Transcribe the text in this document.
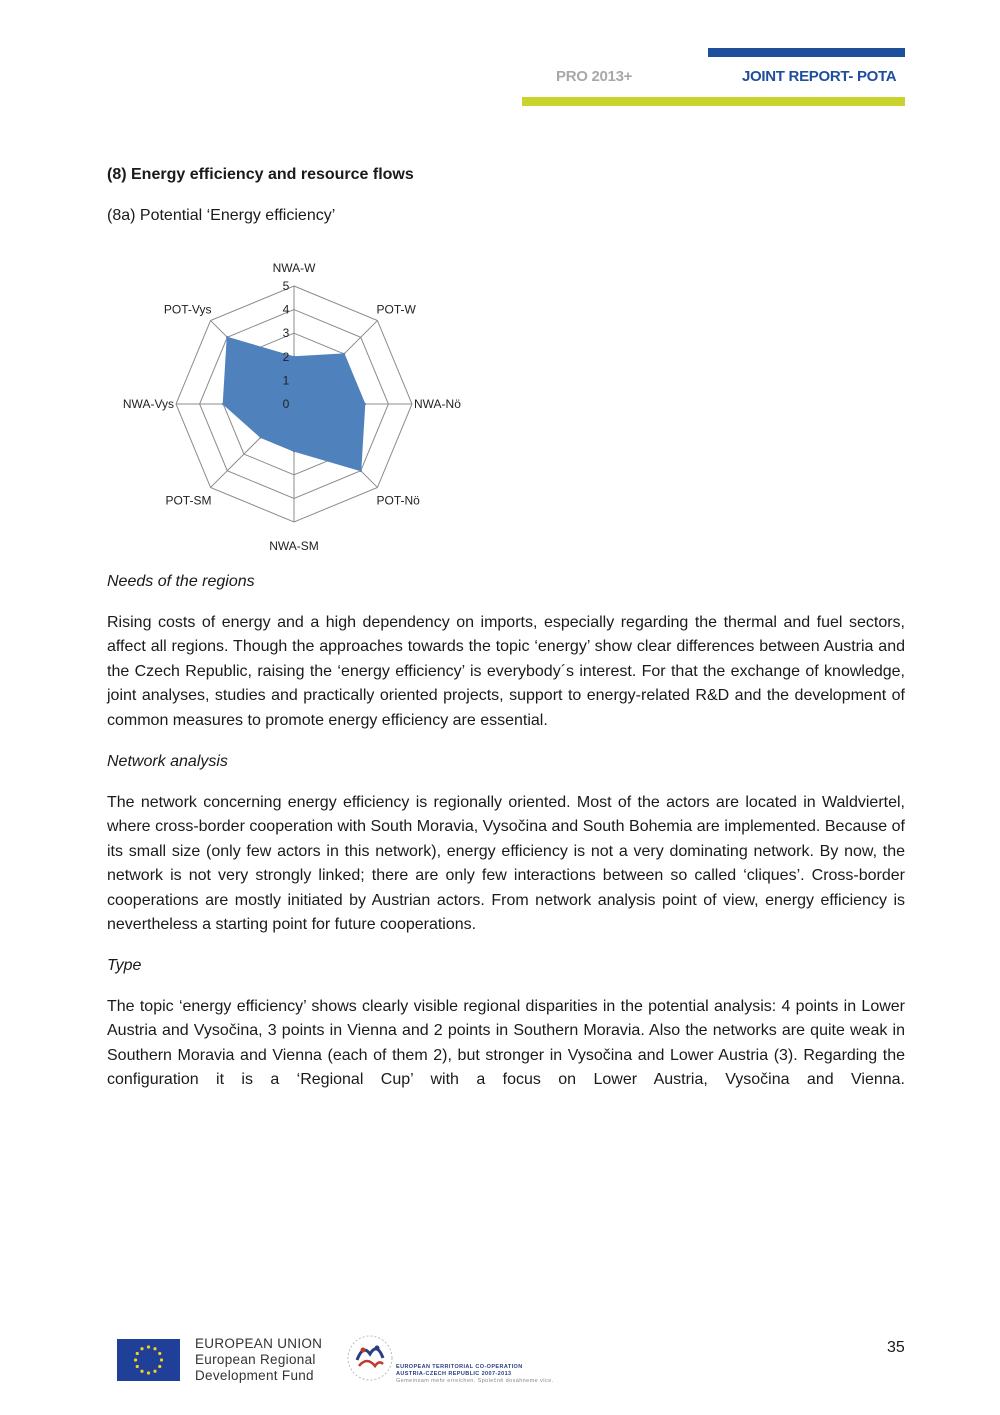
PRO 2013+	JOINT REPORT- POTA
(8) Energy efficiency and resource flows
(8a) Potential ‘Energy efficiency’
0
1
2
3
4
5
NWA-W
POT-W
NWA-Nö
POT-Nö
NWA-SM
POT-SM
NWA-Vys
POT-Vys
Needs of the regions

Rising costs of energy and a high dependency on imports, especially regarding the thermal and fuel sectors, affect all regions. Though the approaches towards the topic ‘energy’ show clear differences between Austria and the Czech Republic, raising the ‘energy efficiency’ is everybody´s interest. For that the exchange of knowledge, joint analyses, studies and practically oriented projects, support to energy-related R&D and the development of common measures to promote energy efficiency are essential.

Network analysis

The network concerning energy efficiency is regionally oriented. Most of the actors are located in Waldviertel, where cross-border cooperation with South Moravia, Vysočina and South Bohemia are implemented. Because of its small size (only few actors in this network), energy efficiency is not a very dominating network. By now, the network is not very strongly linked; there are only few interactions between so called ‘cliques’. Cross-border cooperations are mostly initiated by Austrian actors. From network analysis point of view, energy efficiency is nevertheless a starting point for future cooperations.

Type

The topic ‘energy efficiency’ shows clearly visible regional disparities in the potential analysis: 4 points in Lower Austria and Vysočina, 3 points in Vienna and 2 points in Southern Moravia. Also the networks are quite weak in Southern Moravia and Vienna (each of them 2), but stronger in Vysočina and Lower Austria (3). Regarding the configuration it is a ‘Regional Cup’ with a focus on Lower Austria, Vysočina and Vienna.

35
EUROPEAN UNION
European Regional
Development Fund
EUROPEAN TERRITORIAL CO-OPERATION
AUSTRIA-CZECH REPUBLIC 2007-2013
Gemeinsam mehr erreichen. Společně dosáhneme více.
